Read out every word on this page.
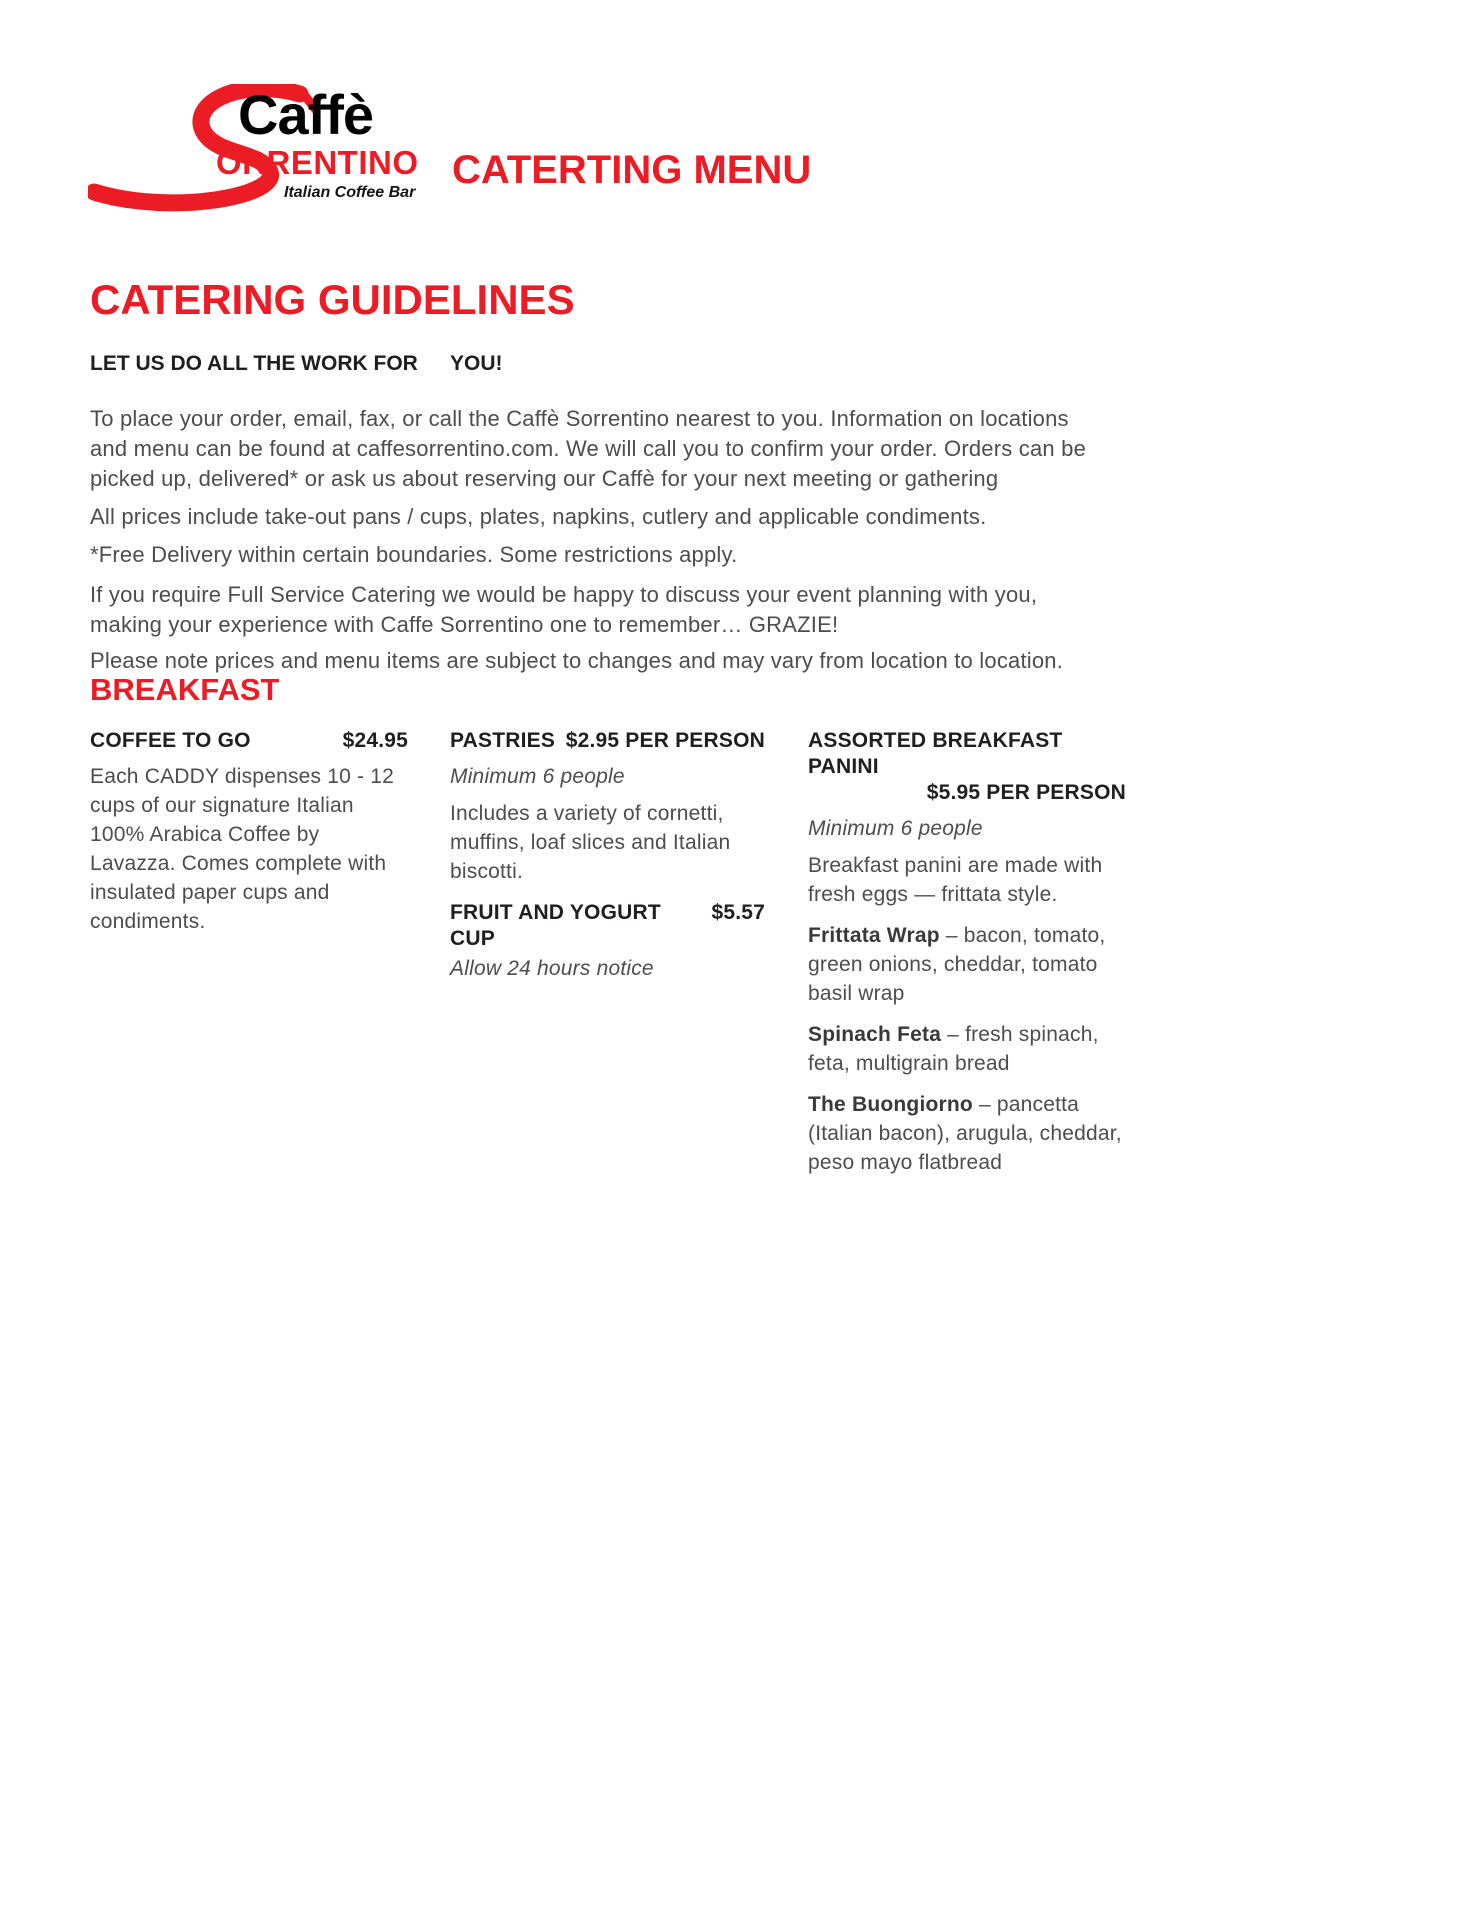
Caffè
ORRENTINO
Italian Coffee Bar
CATERTING MENU
CATERING GUIDELINES
LET US DO ALL THE WORK FOR YOU!

To place your order, email, fax, or call the Caffè Sorrentino nearest to you. Information on locations and menu can be found at caffesorrentino.com. We will call you to confirm your order. Orders can be picked up, delivered* or ask us about reserving our Caffè for your next meeting or gathering

All prices include take-out pans / cups, plates, napkins, cutlery and applicable condiments.

*Free Delivery within certain boundaries. Some restrictions apply.

If you require Full Service Catering we would be happy to discuss your event planning with you, making your experience with Caffe Sorrentino one to remember… GRAZIE!

Please note prices and menu items are subject to changes and may vary from location to location.

BREAKFAST
COFFEE TO GO	$24.95
Each CADDY dispenses 10 - 12 cups of our signature Italian 100% Arabica Coffee by Lavazza. Comes complete with insulated paper cups and condiments.
PASTRIES $2.95 PER PERSON
Minimum 6 people
Includes a variety of cornetti, muffins, loaf slices and Italian biscotti.
FRUIT AND YOGURT CUP
$5.57
Allow 24 hours notice
ASSORTED BREAKFAST PANINI
$5.95 PER PERSON
Minimum 6 people
Breakfast panini are made with fresh eggs — frittata style.

Frittata Wrap – bacon, tomato, green onions, cheddar, tomato basil wrap

Spinach Feta – fresh spinach, feta, multigrain bread

The Buongiorno – pancetta (Italian bacon), arugula, cheddar, peso mayo flatbread
